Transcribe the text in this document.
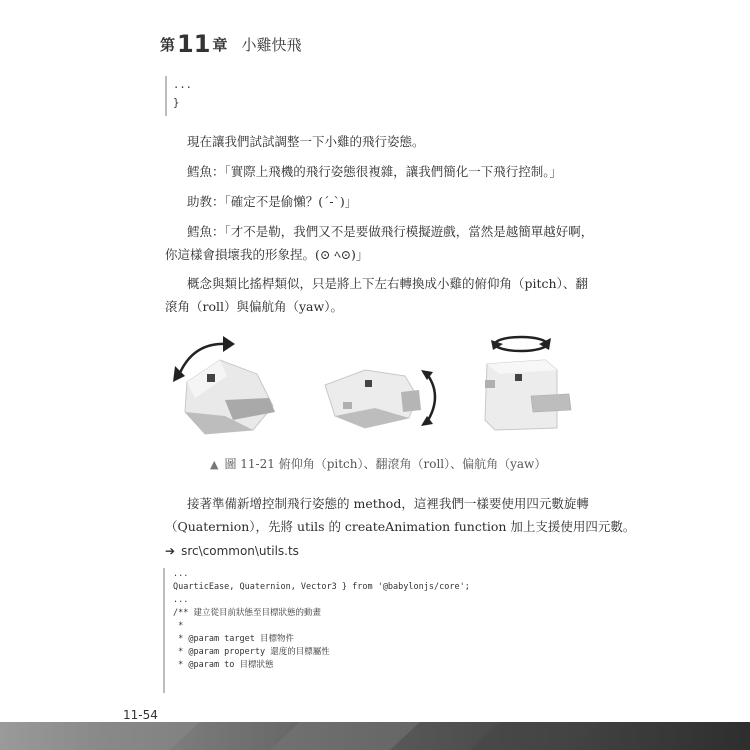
第11 章 小雞快飛
...
}
現在讓我們試試調整一下小雞的飛行姿態。
鱈魚：「實際上飛機的飛行姿態很複雜，讓我們簡化一下飛行控制。」
助教：「確定不是偷懶？(´-`)」
鱈魚：「才不是勒，我們又不是要做飛行模擬遊戲，當然是越簡單越好啊，
你這樣會損壞我的形象捏。(⊙ ﾍ⊙)」
概念與類比搖桿類似，只是將上下左右轉換成小雞的俯仰角（pitch）、翻
滾角（roll）與偏航角（yaw）。
▲ 圖 11-21 俯仰角（pitch）、翻滾角（roll）、偏航角（yaw）
接著準備新增控制飛行姿態的 method，這裡我們一樣要使用四元數旋轉
（Quaternion），先將 utils 的 createAnimation function 加上支援使用四元數。
➔ src\common\utils.ts
...
QuarticEase, Quaternion, Vector3 } from '@babylonjs/core';
...
/** 建立從目前狀態至目標狀態的動畫
*
* @param target 目標物件
* @param property 還度的目標屬性
* @param to 目標狀態
11-54
